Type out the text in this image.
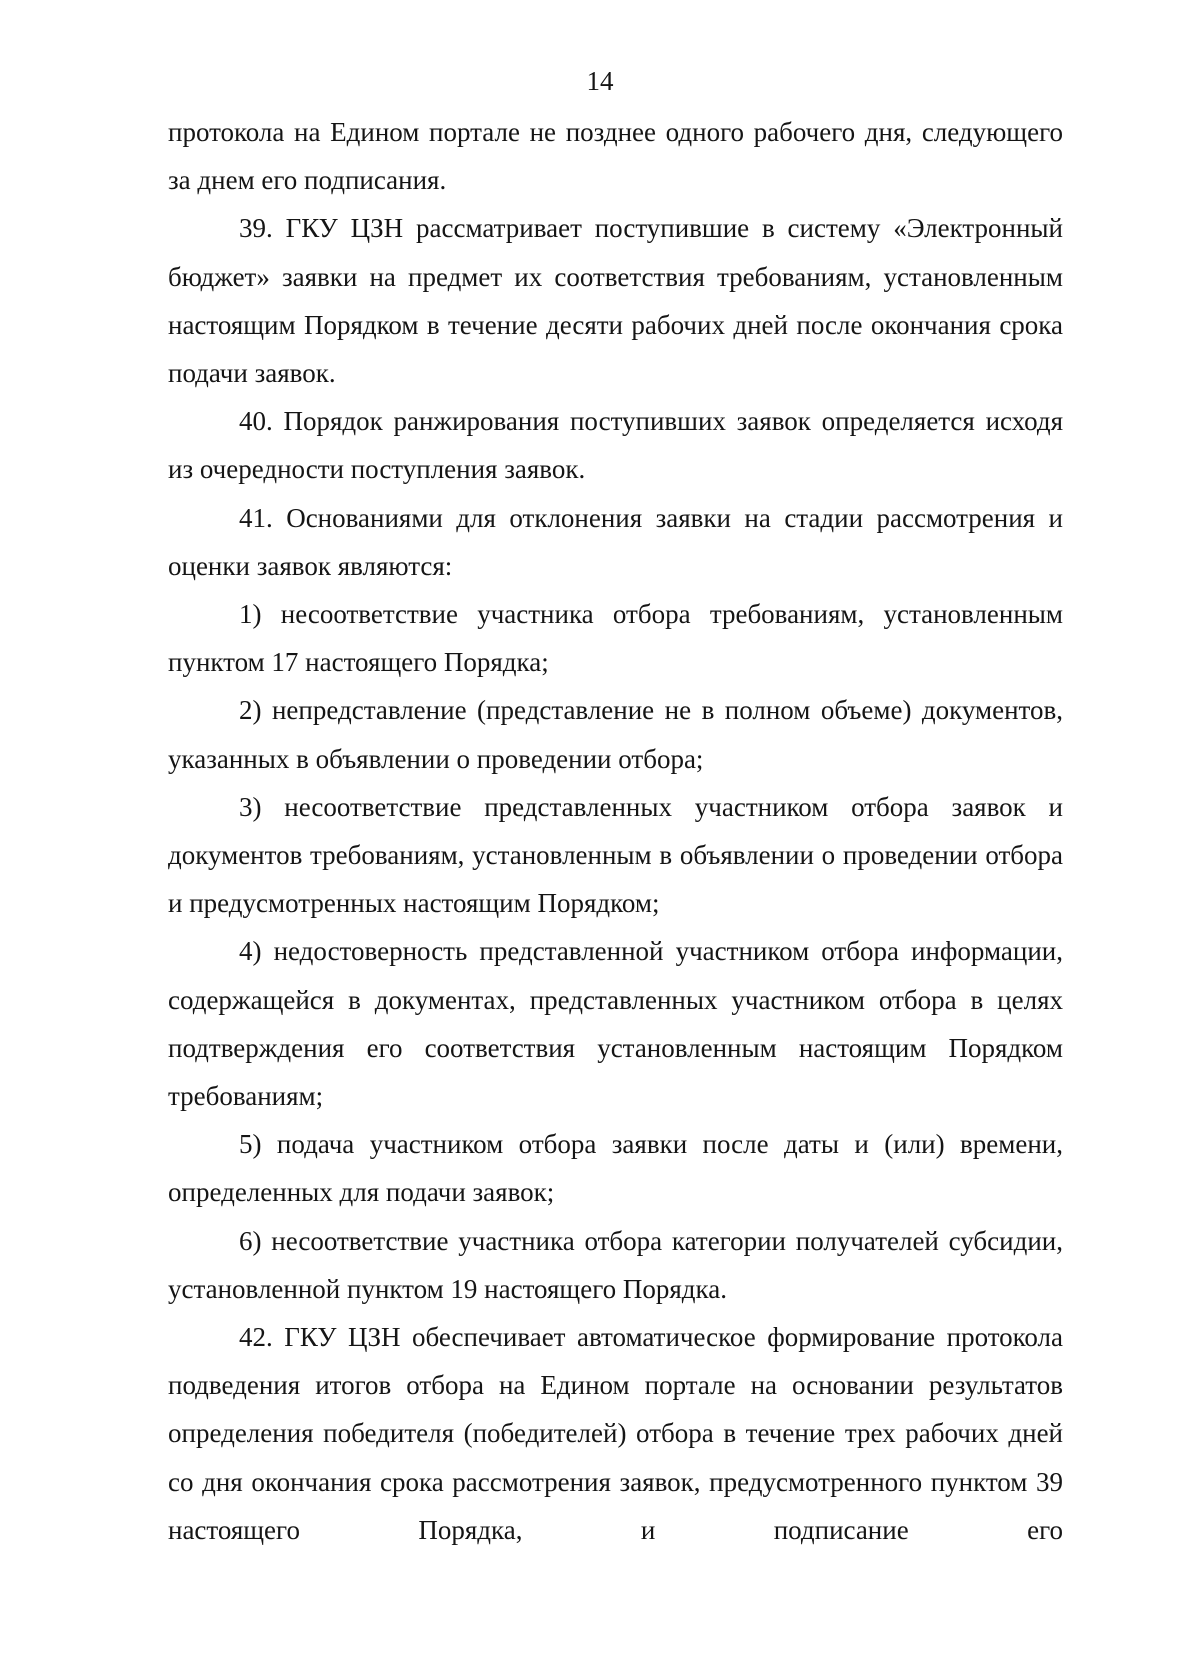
14

протокола на Едином портале не позднее одного рабочего дня, следующего за днем его подписания.

39. ГКУ ЦЗН рассматривает поступившие в систему «Электронный бюджет» заявки на предмет их соответствия требованиям, установленным настоящим Порядком в течение десяти рабочих дней после окончания срока подачи заявок.

40. Порядок ранжирования поступивших заявок определяется исходя из очередности поступления заявок.

41. Основаниями для отклонения заявки на стадии рассмотрения и оценки заявок являются:

1) несоответствие участника отбора требованиям, установленным пунктом 17 настоящего Порядка;

2) непредставление (представление не в полном объеме) документов, указанных в объявлении о проведении отбора;

3) несоответствие представленных участником отбора заявок и документов требованиям, установленным в объявлении о проведении отбора и предусмотренных настоящим Порядком;

4) недостоверность представленной участником отбора информации, содержащейся в документах, представленных участником отбора в целях подтверждения его соответствия установленным настоящим Порядком требованиям;

5) подача участником отбора заявки после даты и (или) времени, определенных для подачи заявок;

6) несоответствие участника отбора категории получателей субсидии, установленной пунктом 19 настоящего Порядка.

42. ГКУ ЦЗН обеспечивает автоматическое формирование протокола подведения итогов отбора на Едином портале на основании результатов определения победителя (победителей) отбора в течение трех рабочих дней со дня окончания срока рассмотрения заявок, предусмотренного пунктом 39 настоящего Порядка, и подписание его
